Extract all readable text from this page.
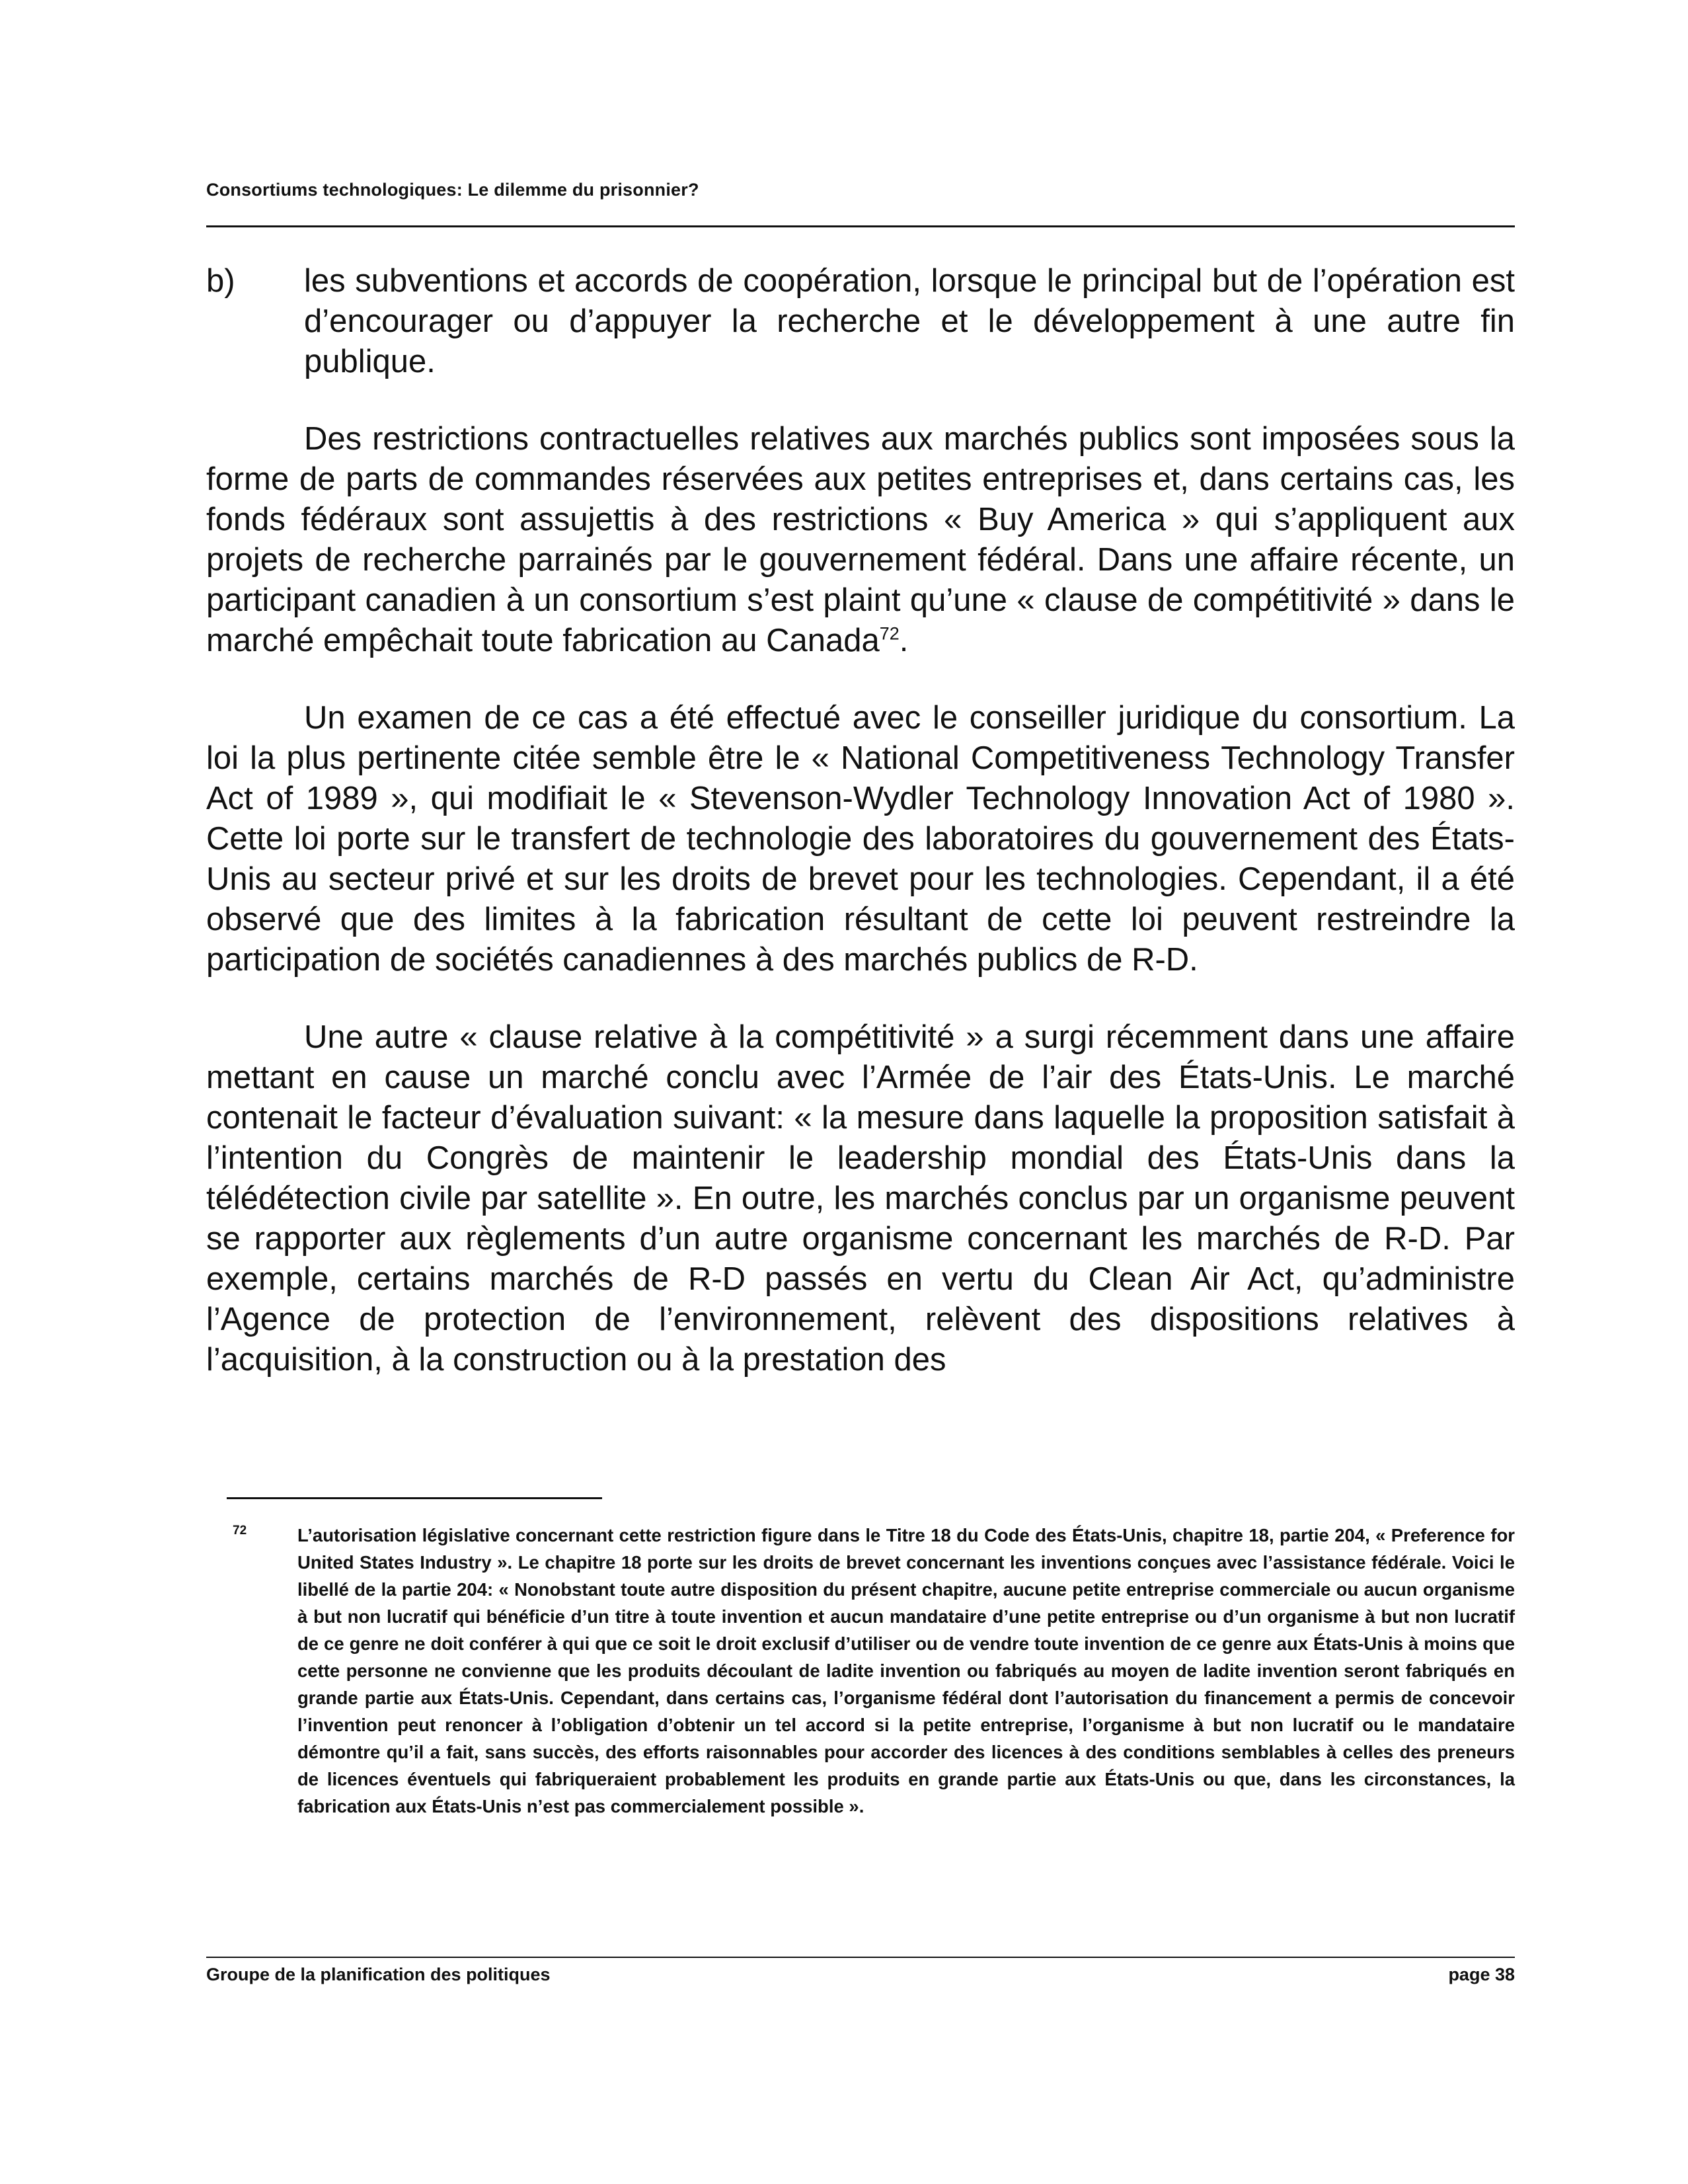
Consortiums technologiques: Le dilemme du prisonnier?
b)	les subventions et accords de coopération, lorsque le principal but de l’opération est d’encourager ou d’appuyer la recherche et le développement à une autre fin publique.

Des restrictions contractuelles relatives aux marchés publics sont imposées sous la forme de parts de commandes réservées aux petites entreprises et, dans certains cas, les fonds fédéraux sont assujettis à des restrictions « Buy America » qui s’appliquent aux projets de recherche parrainés par le gouvernement fédéral. Dans une affaire récente, un participant canadien à un consortium s’est plaint qu’une « clause de compétitivité » dans le marché empêchait toute fabrication au Canada$^{72}$.

Un examen de ce cas a été effectué avec le conseiller juridique du consortium. La loi la plus pertinente citée semble être le « National Competitiveness Technology Transfer Act of 1989 », qui modifiait le « Stevenson-Wydler Technology Innovation Act of 1980 ». Cette loi porte sur le transfert de technologie des laboratoires du gouvernement des États-Unis au secteur privé et sur les droits de brevet pour les technologies. Cependant, il a été observé que des limites à la fabrication résultant de cette loi peuvent restreindre la participation de sociétés canadiennes à des marchés publics de R-D.

Une autre « clause relative à la compétitivité » a surgi récemment dans une affaire mettant en cause un marché conclu avec l’Armée de l’air des États-Unis. Le marché contenait le facteur d’évaluation suivant: « la mesure dans laquelle la proposition satisfait à l’intention du Congrès de maintenir le leadership mondial des États-Unis dans la télédétection civile par satellite ». En outre, les marchés conclus par un organisme peuvent se rapporter aux règlements d’un autre organisme concernant les marchés de R-D. Par exemple, certains marchés de R-D passés en vertu du Clean Air Act, qu’administre l’Agence de protection de l’environnement, relèvent des dispositions relatives à l’acquisition, à la construction ou à la prestation des

72	L’autorisation législative concernant cette restriction figure dans le Titre 18 du Code des États-Unis, chapitre 18, partie 204, « Preference for United States Industry ». Le chapitre 18 porte sur les droits de brevet concernant les inventions conçues avec l’assistance fédérale. Voici le libellé de la partie 204: « Nonobstant toute autre disposition du présent chapitre, aucune petite entreprise commerciale ou aucun organisme à but non lucratif qui bénéficie d’un titre à toute invention et aucun mandataire d’une petite entreprise ou d’un organisme à but non lucratif de ce genre ne doit conférer à qui que ce soit le droit exclusif d’utiliser ou de vendre toute invention de ce genre aux États-Unis à moins que cette personne ne convienne que les produits découlant de ladite invention ou fabriqués au moyen de ladite invention seront fabriqués en grande partie aux États-Unis. Cependant, dans certains cas, l’organisme fédéral dont l’autorisation du financement a permis de concevoir l’invention peut renoncer à l’obligation d’obtenir un tel accord si la petite entreprise, l’organisme à but non lucratif ou le mandataire démontre qu’il a fait, sans succès, des efforts raisonnables pour accorder des licences à des conditions semblables à celles des preneurs de licences éventuels qui fabriqueraient probablement les produits en grande partie aux États-Unis ou que, dans les circonstances, la fabrication aux États-Unis n’est pas commercialement possible ».
Groupe de la planification des politiques	page 38
